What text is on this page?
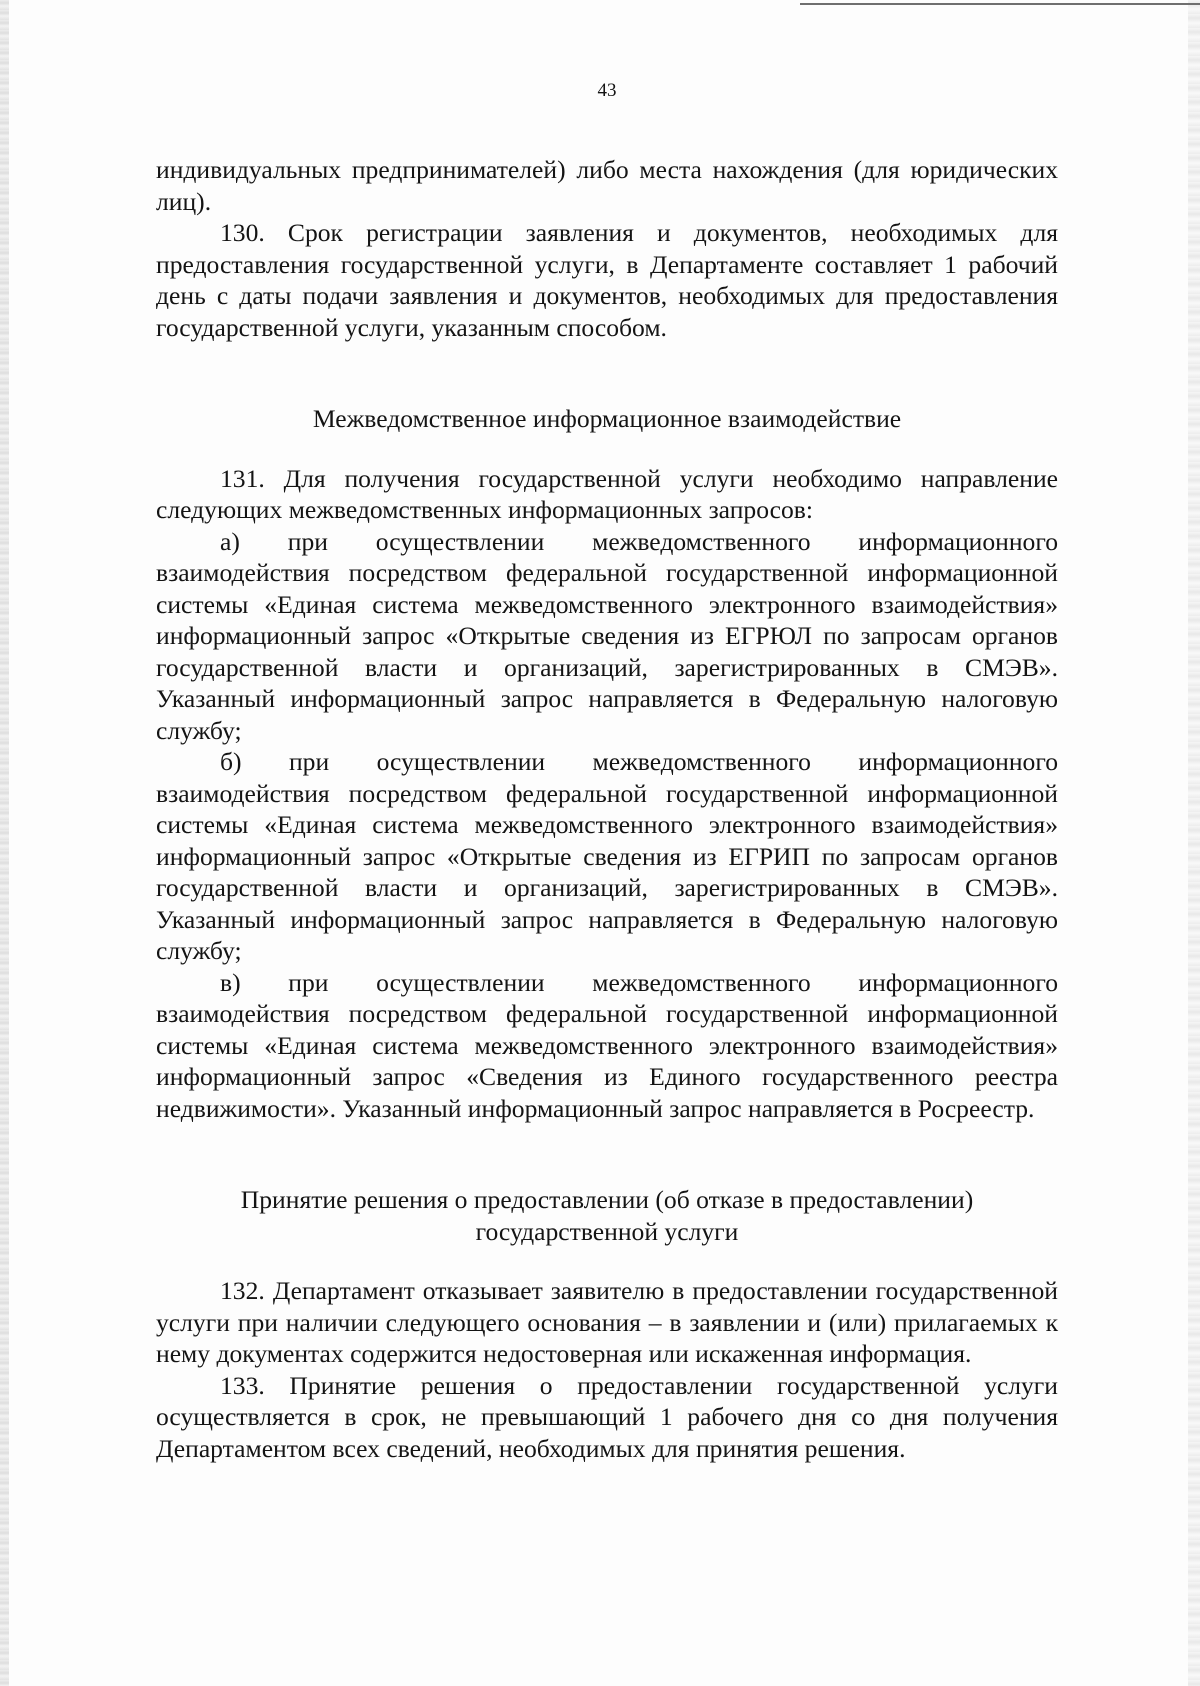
43

индивидуальных предпринимателей) либо места нахождения (для юридических лиц).

130. Срок регистрации заявления и документов, необходимых для предоставления государственной услуги, в Департаменте составляет 1 рабочий день с даты подачи заявления и документов, необходимых для предоставления государственной услуги, указанным способом.

Межведомственное информационное взаимодействие

131. Для получения государственной услуги необходимо направление следующих межведомственных информационных запросов:

а) при осуществлении межведомственного информационного взаимодействия посредством федеральной государственной информационной системы «Единая система межведомственного электронного взаимодействия» информационный запрос «Открытые сведения из ЕГРЮЛ по запросам органов государственной власти и организаций, зарегистрированных в СМЭВ». Указанный информационный запрос направляется в Федеральную налоговую службу;

б) при осуществлении межведомственного информационного взаимодействия посредством федеральной государственной информационной системы «Единая система межведомственного электронного взаимодействия» информационный запрос «Открытые сведения из ЕГРИП по запросам органов государственной власти и организаций, зарегистрированных в СМЭВ». Указанный информационный запрос направляется в Федеральную налоговую службу;

в) при осуществлении межведомственного информационного взаимодействия посредством федеральной государственной информационной системы «Единая система межведомственного электронного взаимодействия» информационный запрос «Сведения из Единого государственного реестра недвижимости». Указанный информационный запрос направляется в Росреестр.

Принятие решения о предоставлении (об отказе в предоставлении)
государственной услуги

132. Департамент отказывает заявителю в предоставлении государственной услуги при наличии следующего основания – в заявлении и (или) прилагаемых к нему документах содержится недостоверная или искаженная информация.

133. Принятие решения о предоставлении государственной услуги осуществляется в срок, не превышающий 1 рабочего дня со дня получения Департаментом всех сведений, необходимых для принятия решения.
